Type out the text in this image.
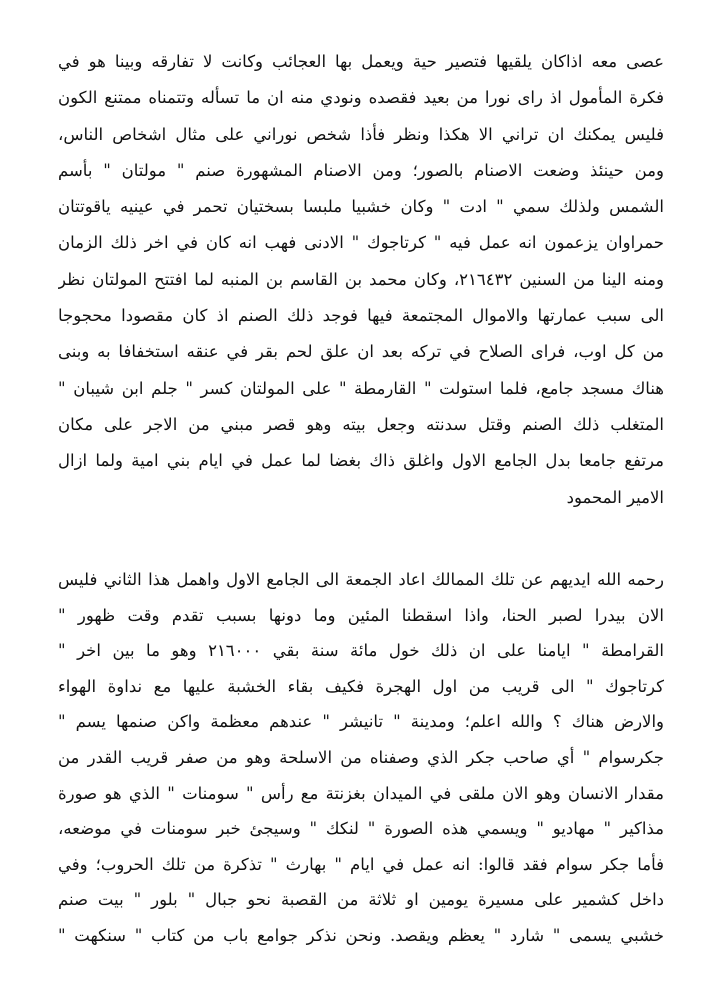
عصى معه اذاكان يلقيها فتصير حية ويعمل بها العجائب وكانت لا تفارقه وبينا هو في
فكرة المأمول اذ راى نورا من بعيد فقصده ونودي منه ان ما تسأله وتتمناه ممتنع الكون
فليس يمكنك ان تراني الا هكذا ونظر فأذا شخص نوراني على مثال اشخاص الناس،
ومن حينئذ وضعت الاصنام بالصور؛ ومن الاصنام المشهورة صنم " مولتان " بأسم
الشمس ولذلك سمي " ادت " وكان خشبيا ملبسا بسختيان تحمر في عينيه ياقوتتان
حمراوان يزعمون انه عمل فيه " كرتاجوك " الادنى فهب انه كان في اخر ذلك الزمان
ومنه الينا من السنين ٢١٦٤٣٢، وكان محمد بن القاسم بن المنبه لما افتتح المولتان نظر
الى سبب عمارتها والاموال المجتمعة فيها فوجد ذلك الصنم اذ كان مقصودا محجوجا
من كل اوب، فراى الصلاح في تركه بعد ان علق لحم بقر في عنقه استخفافا به وبنى
هناك مسجد جامع، فلما استولت " القارمطة " على المولتان كسر " جلم ابن شيبان "
المتغلب ذلك الصنم وقتل سدنته وجعل بيته وهو قصر مبني من الاجر على مكان
مرتفع جامعا بدل الجامع الاول واغلق ذاك بغضا لما عمل في ايام بني امية ولما ازال
الامير المحمود
رحمه الله ايديهم عن تلك الممالك اعاد الجمعة الى الجامع الاول واهمل هذا الثاني فليس
الان بيدرا لصبر الحنا، واذا اسقطنا المئين وما دونها بسبب تقدم وقت ظهور "
القرامطة " ايامنا على ان ذلك خول مائة سنة بقي ٢١٦٠٠٠ وهو ما بين اخر "
كرتاجوك " الى قريب من اول الهجرة فكيف بقاء الخشبة عليها مع نداوة الهواء
والارض هناك ؟ والله اعلم؛ ومدينة " تانيشر " عندهم معظمة واكن صنمها يسم "
جكرسوام " أي صاحب جكر الذي وصفناه من الاسلحة وهو من صفر قريب القدر من
مقدار الانسان وهو الان ملقى في الميدان بغزنتة مع رأس " سومنات " الذي هو صورة
مذاكير " مهاديو " ويسمي هذه الصورة " لنكك " وسيجئ خبر سومنات في موضعه،
فأما جكر سوام فقد قالوا: انه عمل في ايام " بهارث " تذكرة من تلك الحروب؛ وفي
داخل كشمير على مسيرة يومين او ثلاثة من القصبة نحو جبال " بلور " بيت صنم
خشبي يسمى " شارد " يعظم ويقصد. ونحن نذكر جوامع باب من كتاب " سنكهت "
